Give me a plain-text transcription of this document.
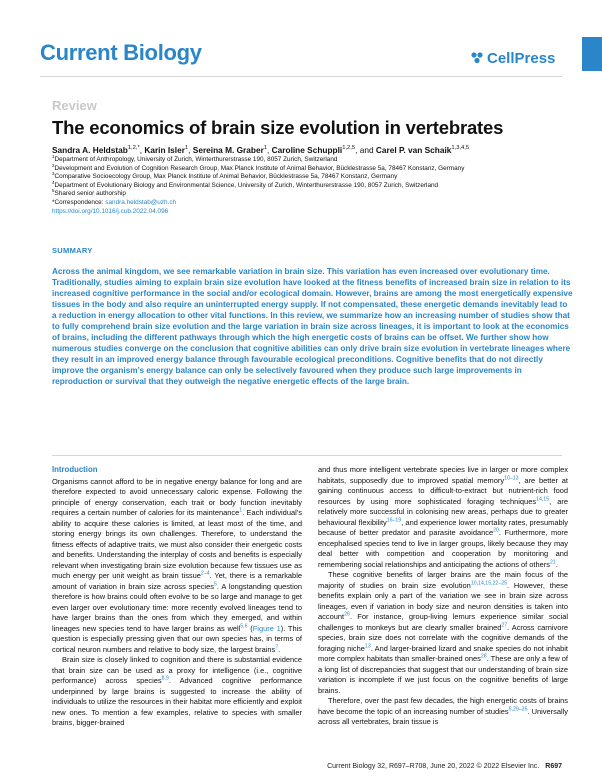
Current Biology	CellPress
Review
The economics of brain size evolution in vertebrates
Sandra A. Heldstab$^{1,2,*}$, Karin Isler$^1$, Sereina M. Graber$^1$, Caroline Schuppli$^{1,2,5}$, and Carel P. van Schaik$^{1,3,4,5}$
$^1$Department of Anthropology, University of Zurich, Winterthurerstrasse 190, 8057 Zurich, Switzerland
$^2$Development and Evolution of Cognition Research Group, Max Planck Institute of Animal Behavior, Bücklestrasse 5a, 78467 Konstanz, Germany
$^3$Comparative Socioecology Group, Max Planck Institute of Animal Behavior, Bücklestrasse 5a, 78467 Konstanz, Germany
$^4$Department of Evolutionary Biology and Environmental Science, University of Zurich, Winterthurerstrasse 190, 8057 Zurich, Switzerland
$^5$Shared senior authorship
*Correspondence: sandra.heldstab@uzh.ch
https://doi.org/10.1016/j.cub.2022.04.096
SUMMARY
Across the animal kingdom, we see remarkable variation in brain size. This variation has even increased over evolutionary time. Traditionally, studies aiming to explain brain size evolution have looked at the fitness benefits of increased brain size in relation to its increased cognitive performance in the social and/or ecological domain. However, brains are among the most energetically expensive tissues in the body and also require an uninterrupted energy supply. If not compensated, these energetic demands inevitably lead to a reduction in energy allocation to other vital functions. In this review, we summarize how an increasing number of studies show that to fully comprehend brain size evolution and the large variation in brain size across lineages, it is important to look at the economics of brains, including the different pathways through which the high energetic costs of brains can be offset. We further show how numerous studies converge on the conclusion that cognitive abilities can only drive brain size evolution in vertebrate lineages where they result in an improved energy balance through favourable ecological preconditions. Cognitive benefits that do not directly improve the organism’s energy balance can only be selectively favoured when they produce such large improvements in reproduction or survival that they outweigh the negative energetic effects of the large brain.
Introduction

Organisms cannot afford to be in negative energy balance for long and are therefore expected to avoid unnecessary caloric expense. Following the principle of energy conservation, each trait or body function inevitably requires a certain number of calories for its maintenance$^1$. Each individual’s ability to acquire these calories is limited, at least most of the time, and storing energy brings its own challenges. Therefore, to understand the fitness effects of adaptive traits, we must also consider their energetic costs and benefits. Understanding the interplay of costs and benefits is especially relevant when investigating brain size evolution because few tissues use as much energy per unit weight as brain tissue$^{2-4}$. Yet, there is a remarkable amount of variation in brain size across species$^5$. A longstanding question therefore is how brains could often evolve to be so large and manage to get even larger over evolutionary time: more recently evolved lineages tend to have larger brains than the ones from which they emerged, and within lineages new species tend to have larger brains as well$^{5,6}$ (Figure 1). This question is especially pressing given that our own species has, in terms of cortical neuron numbers and relative to body size, the largest brains$^7$.

Brain size is closely linked to cognition and there is substantial evidence that brain size can be used as a proxy for intelligence (i.e., cognitive performance) across species$^{8,9}$. Advanced cognitive performance underpinned by large brains is suggested to increase the ability of individuals to utilize the resources in their habitat more efficiently and exploit new ones. To mention a few examples, relative to species with smaller brains, bigger-brained

and thus more intelligent vertebrate species live in larger or more complex habitats, supposedly due to improved spatial memory$^{10-13}$, are better at gaining continuous access to difficult-to-extract but nutrient-rich food resources by using more sophisticated foraging techniques$^{14,15}$, are relatively more successful in colonising new areas, perhaps due to greater behavioural flexibility$^{16-19}$, and experience lower mortality rates, presumably because of better predator and parasite avoidance$^{20}$. Furthermore, more encephalised species tend to live in larger groups, likely because they may deal better with competition and cooperation by monitoring and remembering social relationships and anticipating the actions of others$^{21}$.

These cognitive benefits of larger brains are the main focus of the majority of studies on brain size evolution$^{10,14,15,22-25}$. However, these benefits explain only a part of the variation we see in brain size across lineages, even if variation in body size and neuron densities is taken into account$^{26}$. For instance, group-living lemurs experience similar social challenges to monkeys but are clearly smaller brained$^{27}$. Across carnivore species, brain size does not correlate with the cognitive demands of the foraging niche$^{13}$. And larger-brained lizard and snake species do not inhabit more complex habitats than smaller-brained ones$^{28}$. These are only a few of a long list of discrepancies that suggest that our understanding of brain size variation is incomplete if we just focus on the cognitive benefits of large brains.

Therefore, over the past few decades, the high energetic costs of brains have become the topic of an increasing number of studies$^{5,29-35}$. Universally across all vertebrates, brain tissue is

Current Biology 32, R697–R708, June 20, 2022 © 2022 Elsevier Inc. R697
